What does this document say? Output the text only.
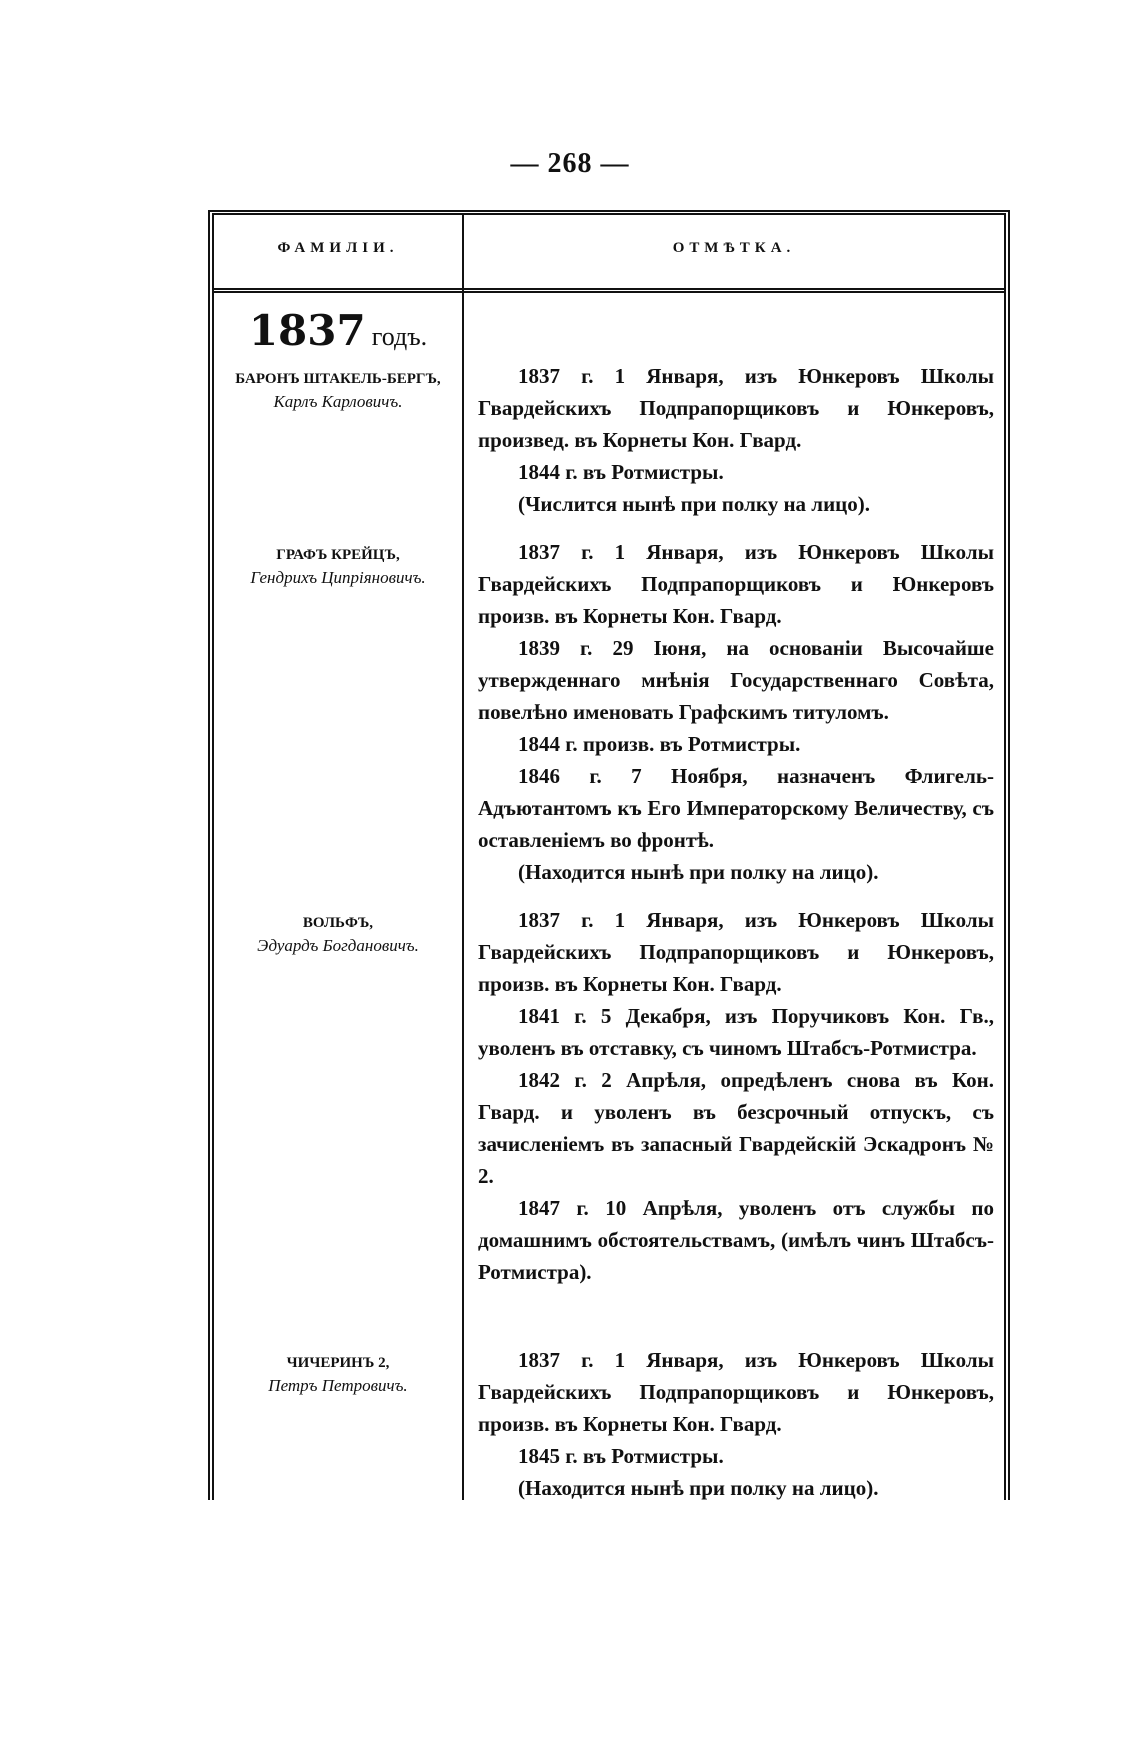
— 268 —
ФАМИЛІИ.	ОТМѢТКА.
1837 годъ.
БАРОНЪ ШТАКЕЛЬ-БЕРГЪ,
Карлъ Карловичъ.
1837 г. 1 Января, изъ Юнкеровъ Школы Гвардейскихъ Подпрапорщиковъ и Юнкеровъ, произвед. въ Корнеты Кон. Гвард.
1844 г. въ Ротмистры.
(Числится нынѣ при полку на лицо).
ГРАФЪ КРЕЙЦЪ,
Гендрихъ Ципріяновичъ.
1837 г. 1 Января, изъ Юнкеровъ Школы Гвардейскихъ Подпрапорщиковъ и Юнкеровъ произв. въ Корнеты Кон. Гвард.
1839 г. 29 Іюня, на основаніи Высочайше утвержденнаго мнѣнія Государственнаго Совѣта, повелѣно именовать Графскимъ титуломъ.
1844 г. произв. въ Ротмистры.
1846 г. 7 Ноября, назначенъ Флигель-Адъютантомъ къ Его Императорскому Величеству, съ оставленіемъ во фронтѣ.
(Находится нынѣ при полку на лицо).
ВОЛЬФЪ,
Эдуардъ Богдановичъ.
1837 г. 1 Января, изъ Юнкеровъ Школы Гвардейскихъ Подпрапорщиковъ и Юнкеровъ, произв. въ Корнеты Кон. Гвард.
1841 г. 5 Декабря, изъ Поручиковъ Кон. Гв., уволенъ въ отставку, съ чиномъ Штабсъ-Ротмистра.
1842 г. 2 Апрѣля, опредѣленъ снова въ Кон. Гвард. и уволенъ въ безсрочный отпускъ, съ зачисленіемъ въ запасный Гвардейскій Эскадронъ № 2.
1847 г. 10 Апрѣля, уволенъ отъ службы по домашнимъ обстоятельствамъ, (имѣлъ чинъ Штабсъ-Ротмистра).
ЧИЧЕРИНЪ 2,
Петръ Петровичъ.
1837 г. 1 Января, изъ Юнкеровъ Школы Гвардейскихъ Подпрапорщиковъ и Юнкеровъ, произв. въ Корнеты Кон. Гвард.
1845 г. въ Ротмистры.
(Находится нынѣ при полку на лицо).
